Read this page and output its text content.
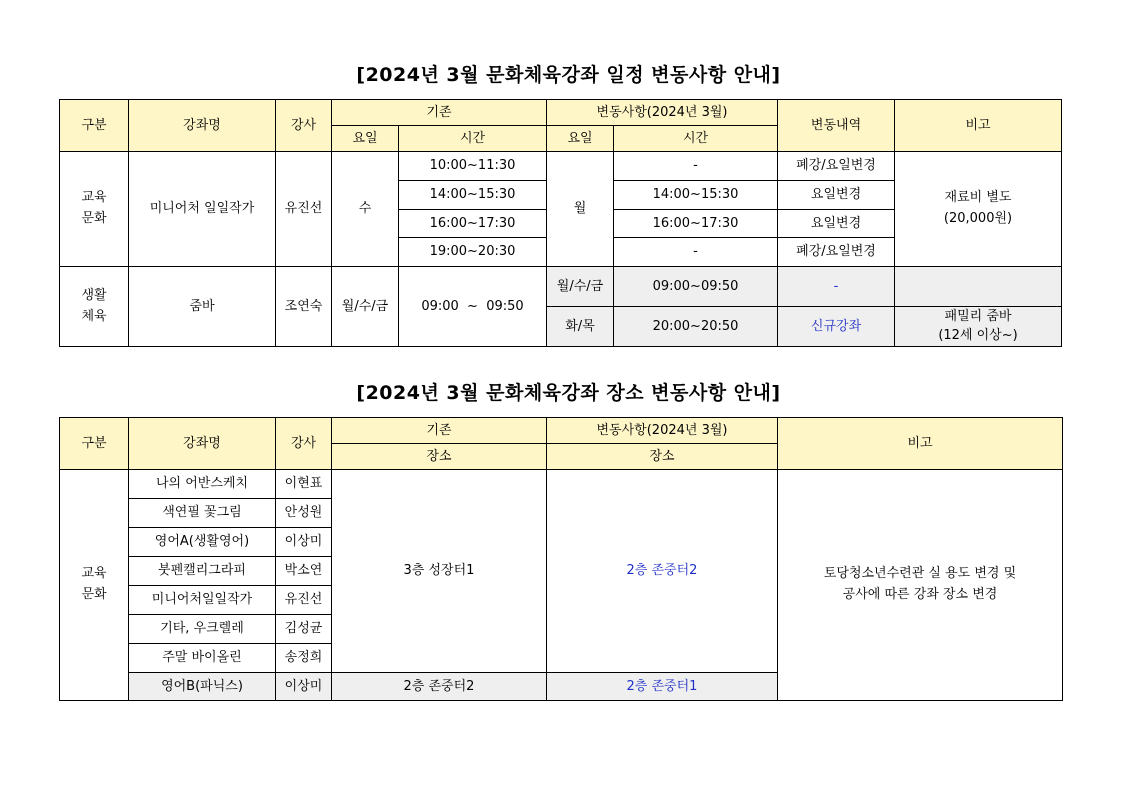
[2024년 3월 문화체육강좌 일정 변동사항 안내]
구분	강좌명	강사	기존		변동사항(2024년 3월)		변동내역	비고
			요일	시간	요일	시간		
교육
문화	미니어처 일일작가	유진선	수	10:00~11:30	월	-	폐강/요일변경	재료비 별도
(20,000원)
				14:00~15:30		14:00~15:30	요일변경	
				16:00~17:30		16:00~17:30	요일변경	
				19:00~20:30		-	폐강/요일변경	
생활
체육	줌바	조연숙	월/수/금	09:00  ~  09:50	월/수/금	09:00~09:50	-	
					화/목	20:00~20:50	신규강좌	패밀리 줌바
(12세 이상~)
[2024년 3월 문화체육강좌 장소 변동사항 안내]
구분	강좌명	강사	기존	변동사항(2024년 3월)	비고
			장소	장소	
교육
문화	나의 어반스케치	이현표	3층 성장터1	2층 존중터2	토당청소년수련관 실 용도 변경 및
공사에 따른 강좌 장소 변경
	색연필 꽃그림	안성원			
	영어A(생활영어)	이상미			
	붓펜캘리그라피	박소연			
	미니어처일일작가	유진선			
	기타, 우크렐레	김성균			
	주말 바이올린	송정희			
	영어B(파닉스)	이상미	2층 존중터2	2층 존중터1	
